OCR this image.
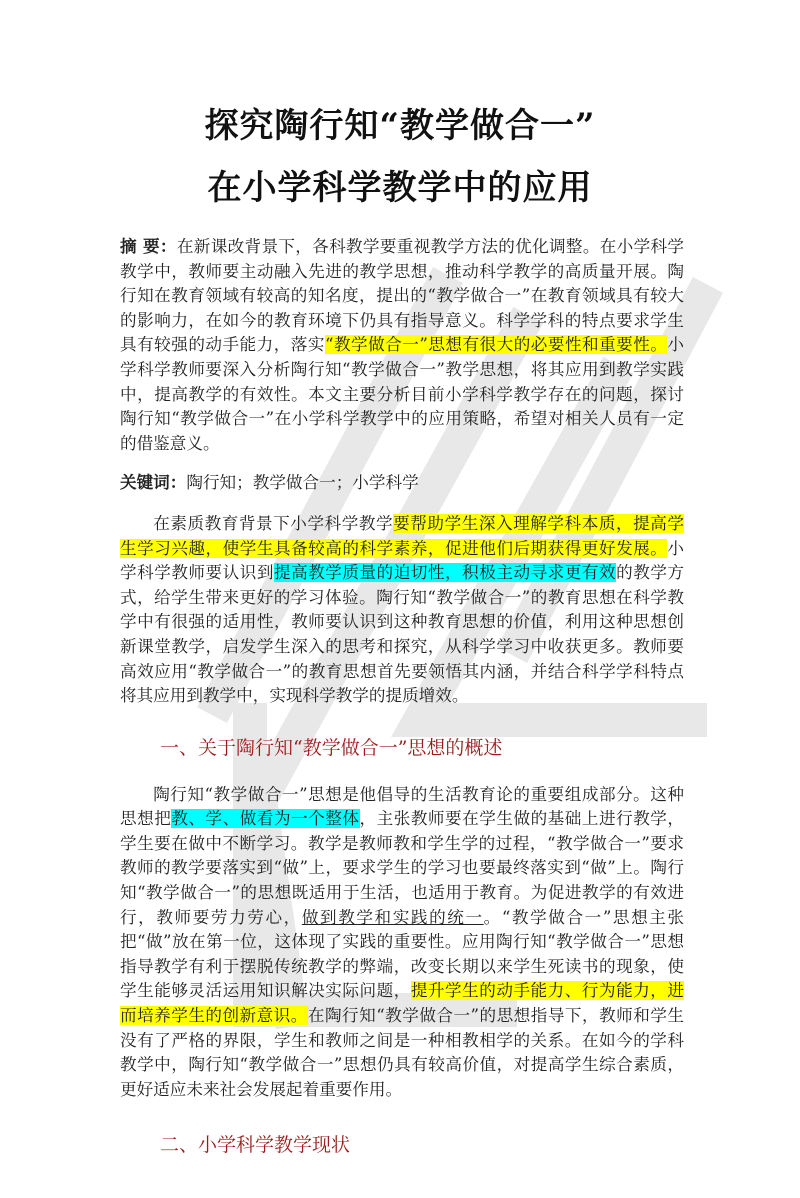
探究陶行知“教学做合一”
在小学科学教学中的应用
摘 要：在新课改背景下，各科教学要重视教学方法的优化调整。在小学科学教学中，教师要主动融入先进的教学思想，推动科学教学的高质量开展。陶行知在教育领域有较高的知名度，提出的“教学做合一”在教育领域具有较大的影响力，在如今的教育环境下仍具有指导意义。科学学科的特点要求学生具有较强的动手能力，落实“教学做合一”思想有很大的必要性和重要性。小学科学教师要深入分析陶行知“教学做合一”教学思想，将其应用到教学实践中，提高教学的有效性。本文主要分析目前小学科学教学存在的问题，探讨陶行知“教学做合一”在小学科学教学中的应用策略，希望对相关人员有一定的借鉴意义。
关键词：陶行知；教学做合一；小学科学
在素质教育背景下小学科学教学要帮助学生深入理解学科本质，提高学生学习兴趣，使学生具备较高的科学素养，促进他们后期获得更好发展。小学科学教师要认识到提高教学质量的迫切性，积极主动寻求更有效的教学方式，给学生带来更好的学习体验。陶行知“教学做合一”的教育思想在科学教学中有很强的适用性，教师要认识到这种教育思想的价值，利用这种思想创新课堂教学，启发学生深入的思考和探究，从科学学习中收获更多。教师要高效应用“教学做合一”的教育思想首先要领悟其内涵，并结合科学学科特点将其应用到教学中，实现科学教学的提质增效。
一、关于陶行知“教学做合一”思想的概述
陶行知“教学做合一”思想是他倡导的生活教育论的重要组成部分。这种思想把教、学、做看为一个整体，主张教师要在学生做的基础上进行教学，学生要在做中不断学习。教学是教师教和学生学的过程，“教学做合一”要求教师的教学要落实到“做”上，要求学生的学习也要最终落实到“做”上。陶行知“教学做合一”的思想既适用于生活，也适用于教育。为促进教学的有效进行，教师要劳力劳心，做到教学和实践的统一。“教学做合一”思想主张把“做”放在第一位，这体现了实践的重要性。应用陶行知“教学做合一”思想指导教学有利于摆脱传统教学的弊端，改变长期以来学生死读书的现象，使学生能够灵活运用知识解决实际问题，提升学生的动手能力、行为能力，进而培养学生的创新意识。在陶行知“教学做合一”的思想指导下，教师和学生没有了严格的界限，学生和教师之间是一种相教相学的关系。在如今的学科教学中，陶行知“教学做合一”思想仍具有较高价值，对提高学生综合素质，更好适应未来社会发展起着重要作用。
二、小学科学教学现状
